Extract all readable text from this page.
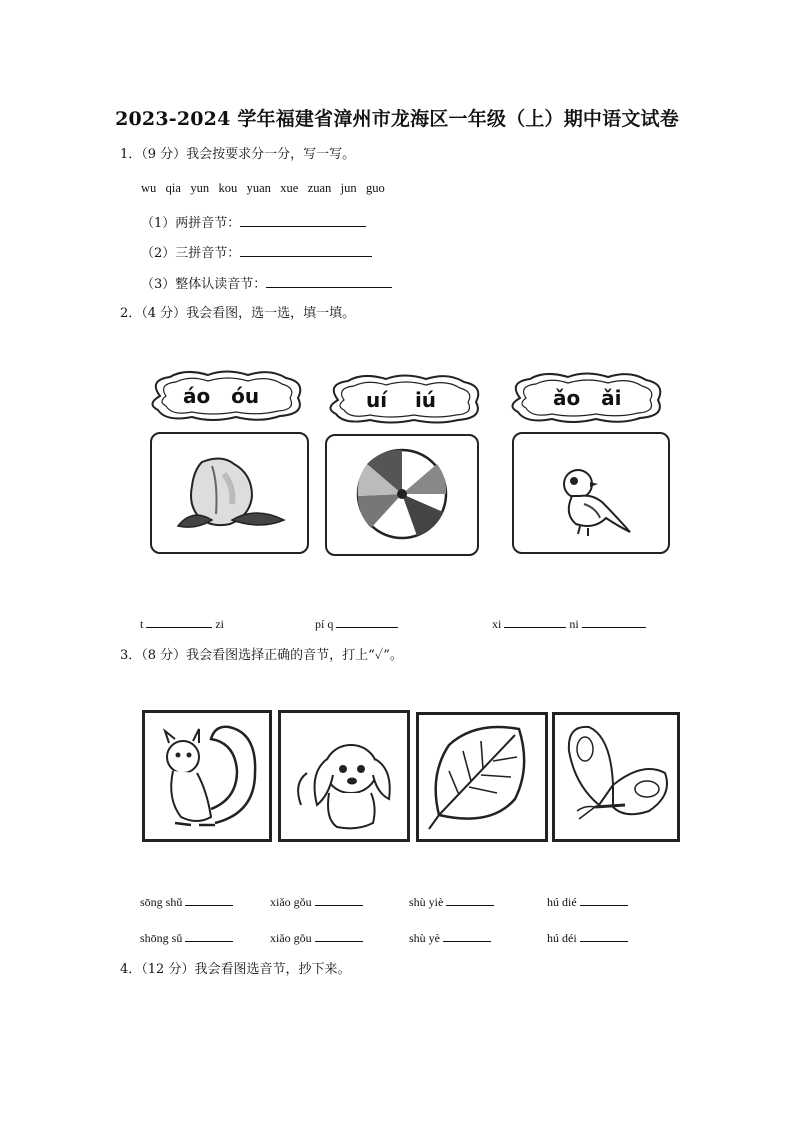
2023-2024 学年福建省漳州市龙海区一年级（上）期中语文试卷
1．（9 分）我会按要求分一分，写一写。
wu qia yun kou yuan xue zuan jun guo
（1）两拼音节：
（2）三拼音节：
（3）整体认读音节：
2．（4 分）我会看图，选一选，填一填。
áo óu	uí iú	ǎo ǎi
t	zi	pí q	xi	ni
3．（8 分）我会看图选择正确的音节，打上“✓”。
sōng shǔ	xiǎo gǒu	shù yiè	hú dié
shōng sǔ	xiǎo gǒu	shù yè	hú déi
4．（12 分）我会看图选音节，抄下来。
